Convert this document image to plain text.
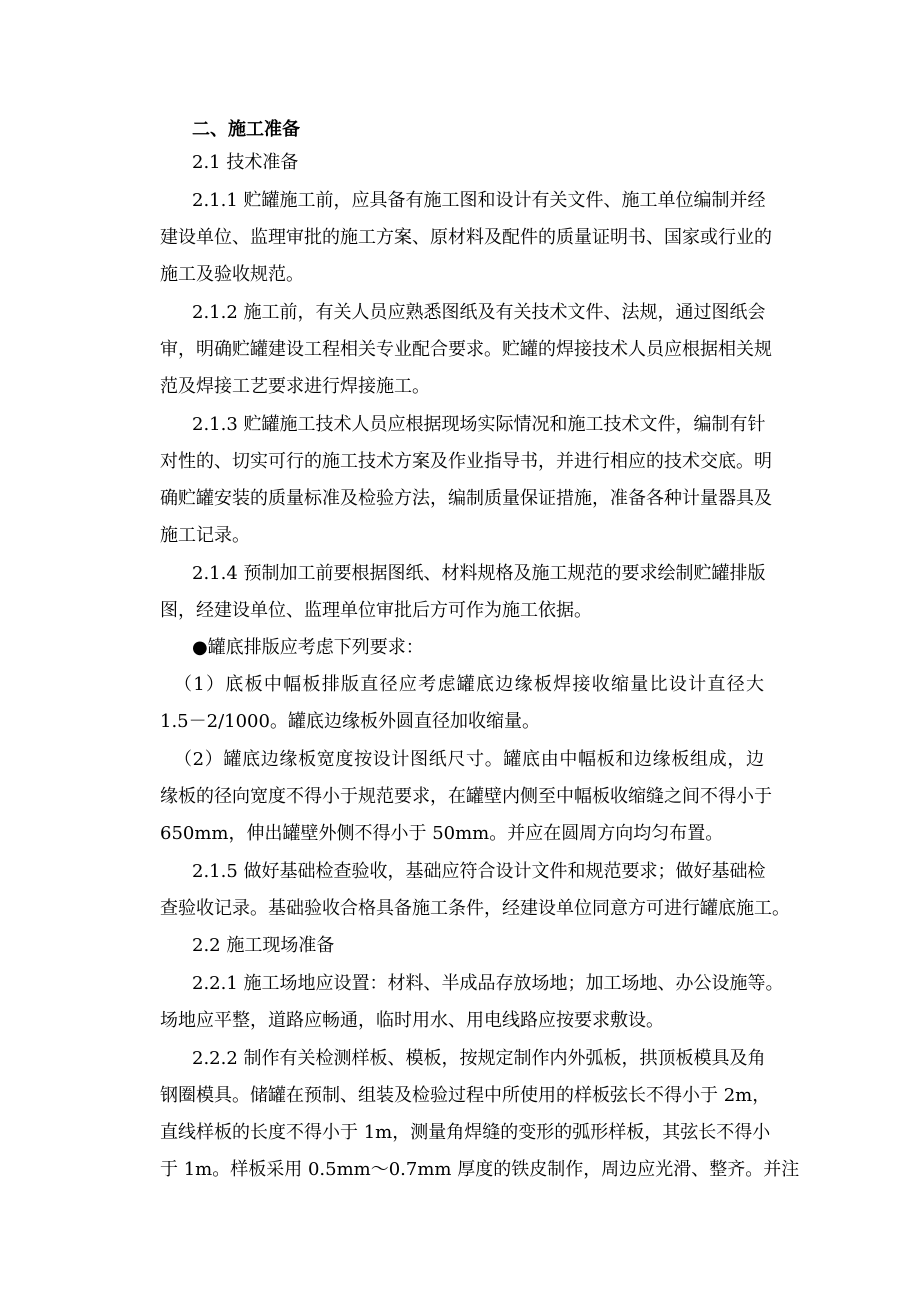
二、施工准备
2.1 技术准备
2.1.1 贮罐施工前，应具备有施工图和设计有关文件、施工单位编制并经
建设单位、监理审批的施工方案、原材料及配件的质量证明书、国家或行业的
施工及验收规范。
2.1.2 施工前，有关人员应熟悉图纸及有关技术文件、法规，通过图纸会
审，明确贮罐建设工程相关专业配合要求。贮罐的焊接技术人员应根据相关规
范及焊接工艺要求进行焊接施工。
2.1.3 贮罐施工技术人员应根据现场实际情况和施工技术文件，编制有针
对性的、切实可行的施工技术方案及作业指导书，并进行相应的技术交底。明
确贮罐安装的质量标准及检验方法，编制质量保证措施，准备各种计量器具及
施工记录。
2.1.4 预制加工前要根据图纸、材料规格及施工规范的要求绘制贮罐排版
图，经建设单位、监理单位审批后方可作为施工依据。
●罐底排版应考虑下列要求：
（1）底板中幅板排版直径应考虑罐底边缘板焊接收缩量比设计直径大
1.5－2/1000。罐底边缘板外圆直径加收缩量。
（2）罐底边缘板宽度按设计图纸尺寸。罐底由中幅板和边缘板组成，边
缘板的径向宽度不得小于规范要求，在罐壁内侧至中幅板收缩缝之间不得小于
650mm，伸出罐壁外侧不得小于 50mm。并应在圆周方向均匀布置。
2.1.5 做好基础检查验收，基础应符合设计文件和规范要求；做好基础检
查验收记录。基础验收合格具备施工条件，经建设单位同意方可进行罐底施工。
2.2 施工现场准备
2.2.1 施工场地应设置：材料、半成品存放场地；加工场地、办公设施等。
场地应平整，道路应畅通，临时用水、用电线路应按要求敷设。
2.2.2 制作有关检测样板、模板，按规定制作内外弧板，拱顶板模具及角
钢圈模具。储罐在预制、组装及检验过程中所使用的样板弦长不得小于 2m，
直线样板的长度不得小于 1m，测量角焊缝的变形的弧形样板，其弦长不得小
于 1m。样板采用 0.5mm～0.7mm 厚度的铁皮制作，周边应光滑、整齐。并注
